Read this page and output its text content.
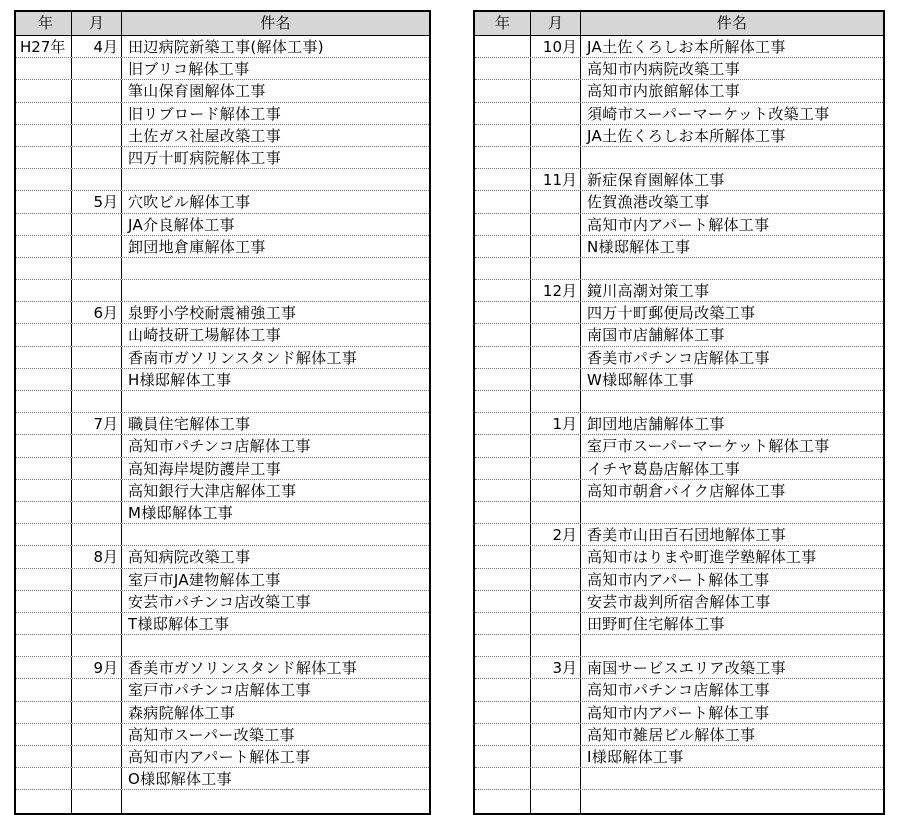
年	月	件名
H27年	4月 田辺病院新築工事(解体工事)
旧ブリコ解体工事
筆山保育園解体工事
旧リブロード解体工事
土佐ガス社屋改築工事
四万十町病院解体工事
5月 穴吹ビル解体工事
JA介良解体工事
卸団地倉庫解体工事
6月 泉野小学校耐震補強工事
山崎技研工場解体工事
香南市ガソリンスタンド解体工事
H様邸解体工事
7月 職員住宅解体工事
高知市パチンコ店解体工事
高知海岸堤防護岸工事
高知銀行大津店解体工事
M様邸解体工事
8月 高知病院改築工事
室戸市JA建物解体工事
安芸市パチンコ店改築工事
T様邸解体工事
9月 香美市ガソリンスタンド解体工事
室戸市パチンコ店解体工事
森病院解体工事
高知市スーパー改築工事
高知市内アパート解体工事
O様邸解体工事
年	月	件名
10月 JA土佐くろしお本所解体工事
高知市内病院改築工事
高知市内旅館解体工事
須崎市スーパーマーケット改築工事
JA土佐くろしお本所解体工事
11月 新症保育園解体工事
佐賀漁港改築工事
高知市内アパート解体工事
N様邸解体工事
12月 鏡川高潮対策工事
四万十町郵便局改築工事
南国市店舗解体工事
香美市パチンコ店解体工事
W様邸解体工事
1月 卸団地店舗解体工事
室戸市スーパーマーケット解体工事
イチヤ葛島店解体工事
高知市朝倉バイク店解体工事
2月 香美市山田百石団地解体工事
高知市はりまや町進学塾解体工事
高知市内アパート解体工事
安芸市裁判所宿舎解体工事
田野町住宅解体工事
3月 南国サービスエリア改築工事
高知市パチンコ店解体工事
高知市内アパート解体工事
高知市雑居ビル解体工事
I様邸解体工事
